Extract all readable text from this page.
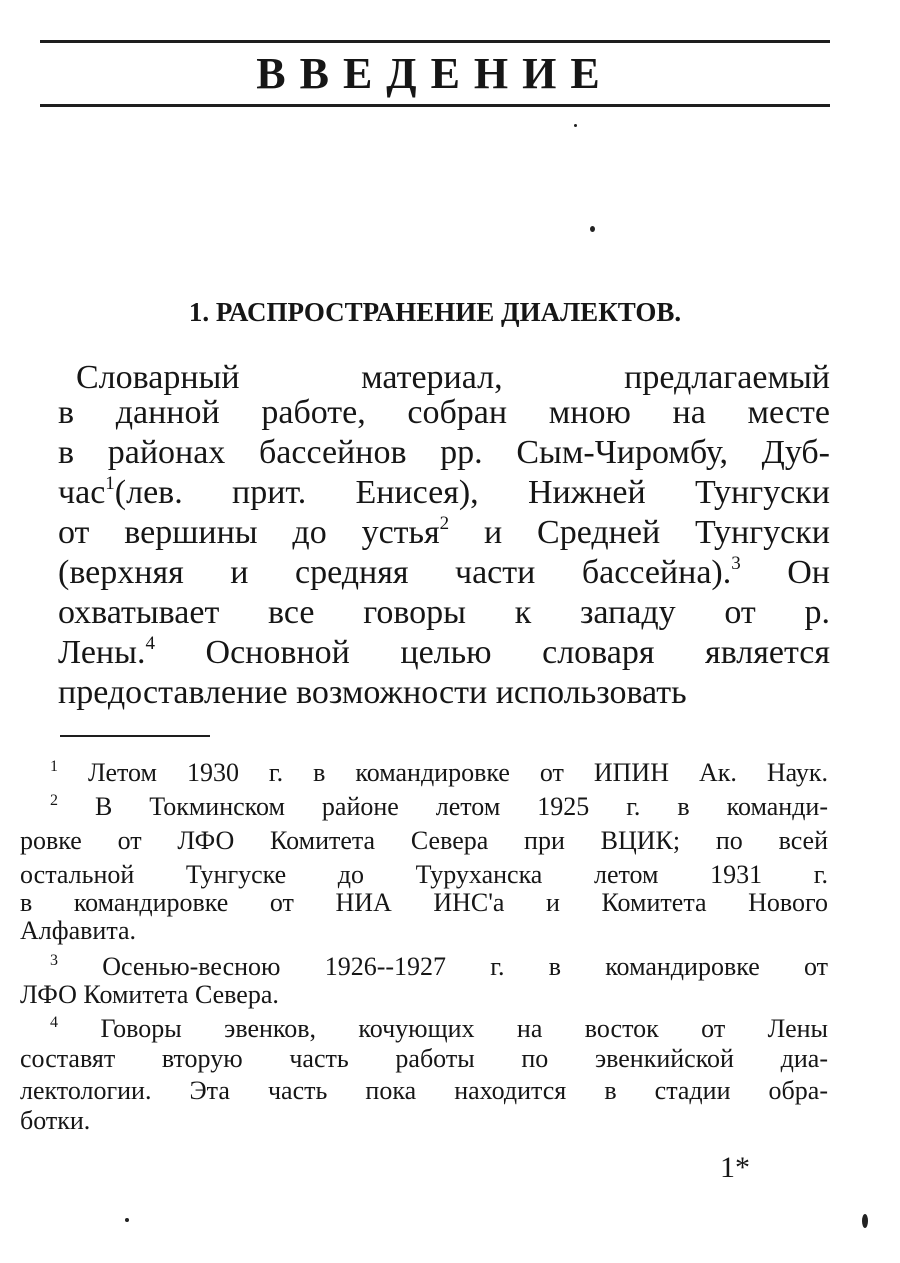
ВВЕДЕНИЕ
1. РАСПРОСТРАНЕНИЕ ДИАЛЕКТОВ.
Словарный материал, предлагаемый
в данной работе, собран мною на месте
в районах бассейнов рр. Сым-Чиромбу, Дуб-
час$^1$(лев. прит. Енисея), Нижней Тунгуски
от вершины до устья$^2$ и Средней Тунгуски
(верхняя и средняя части бассейна).$^3$ Он
охватывает все говоры к западу от р.
Лены.$^4$ Основной целью словаря является
предоставление возможности использовать
$^1$ Летом 1930 г. в командировке от ИПИН Ак. Наук.
$^2$ В Токминском районе летом 1925 г. в команди-
ровке от ЛФО Комитета Севера при ВЦИК; по всей
остальной Тунгуске до Туруханска летом 1931 г.
в командировке от НИА ИНС'а и Комитета Нового
Алфавита.
$^3$ Осенью-весною 1926--1927 г. в командировке от
ЛФО Комитета Севера.
$^4$ Говоры эвенков, кочующих на восток от Лены
составят вторую часть работы по эвенкийской диа-
лектологии. Эта часть пока находится в стадии обра-
ботки.
1*
